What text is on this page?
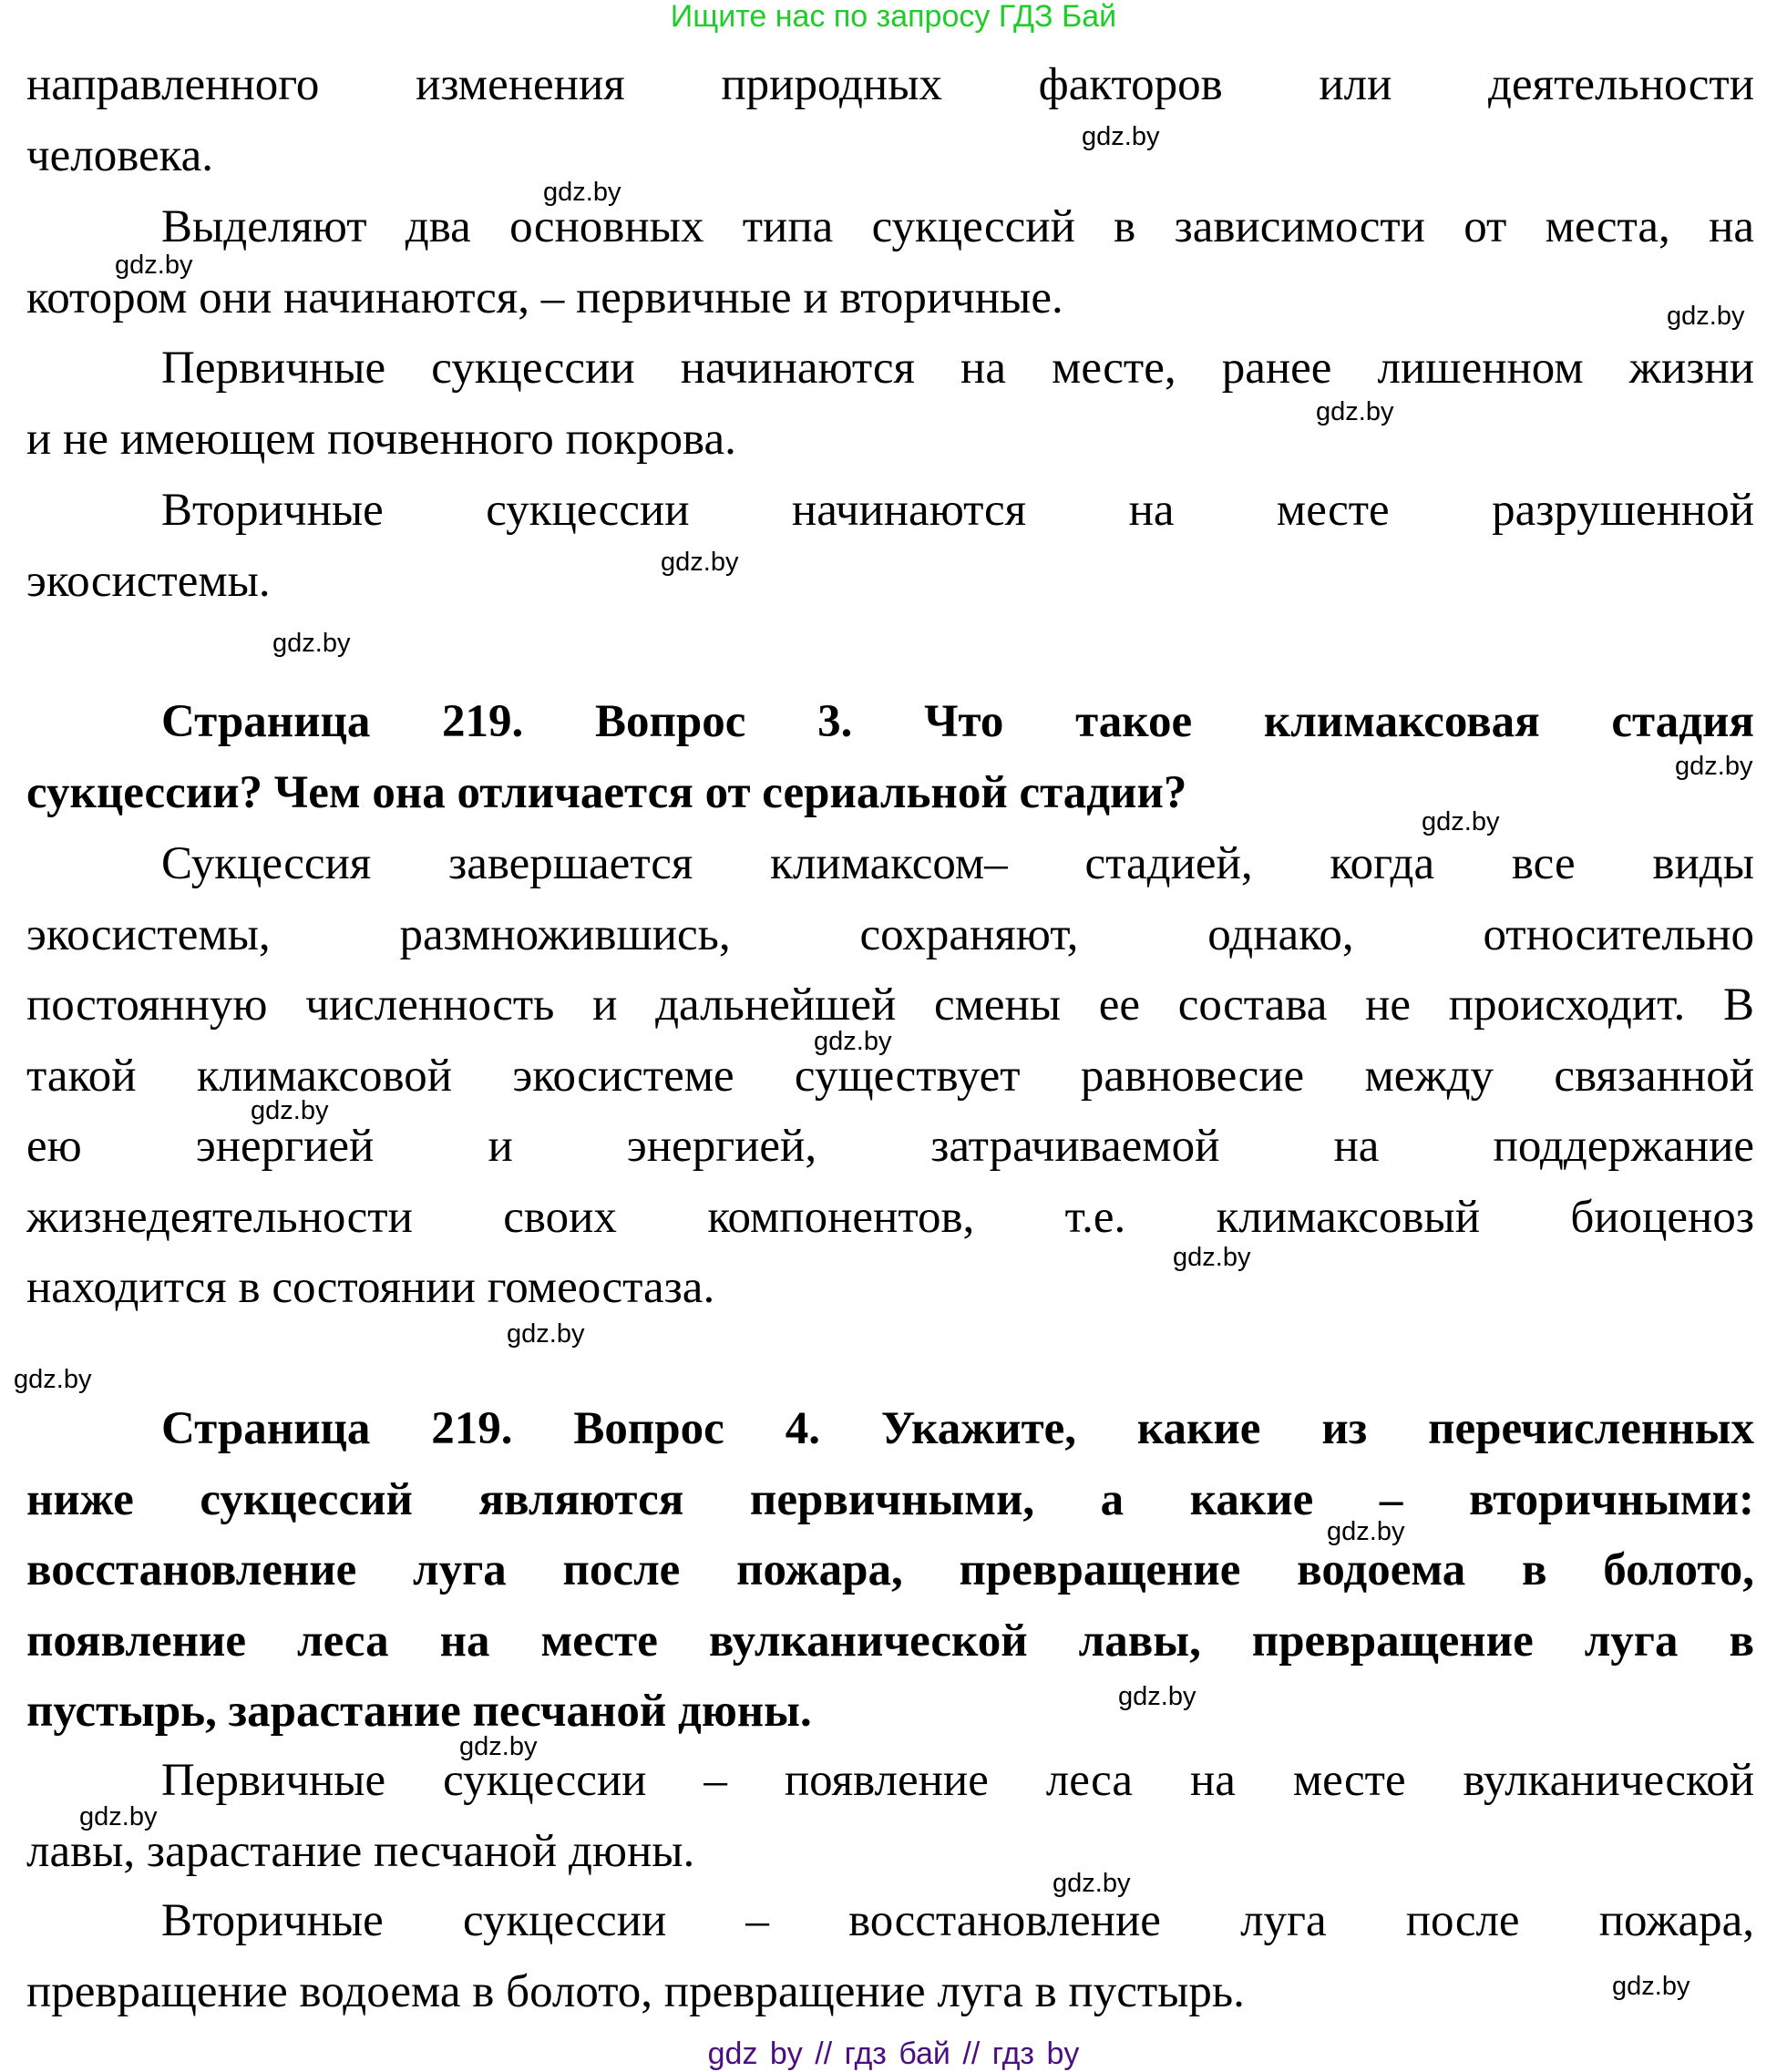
Ищите нас по запросу ГДЗ Бай
направленного изменения природных факторов или деятельности
человека.
Выделяют два основных типа сукцессий в зависимости от места, на
котором они начинаются, – первичные и вторичные.
Первичные сукцессии начинаются на месте, ранее лишенном жизни
и не имеющем почвенного покрова.
Вторичные сукцессии начинаются на месте разрушенной
экосистемы.
Страница 219. Вопрос 3. Что такое климаксовая стадия
сукцессии? Чем она отличается от сериальной стадии?
Сукцессия завершается климаксом– стадией, когда все виды
экосистемы, размножившись, сохраняют, однако, относительно
постоянную численность и дальнейшей смены ее состава не происходит. В
такой климаксовой экосистеме существует равновесие между связанной
ею энергией и энергией, затрачиваемой на поддержание
жизнедеятельности своих компонентов, т.е. климаксовый биоценоз
находится в состоянии гомеостаза.
Страница 219. Вопрос 4. Укажите, какие из перечисленных
ниже сукцессий являются первичными, а какие – вторичными:
восстановление луга после пожара, превращение водоема в болото,
появление леса на месте вулканической лавы, превращение луга в
пустырь, зарастание песчаной дюны.
Первичные сукцессии – появление леса на месте вулканической
лавы, зарастание песчаной дюны.
Вторичные сукцессии – восстановление луга после пожара,
превращение водоема в болото, превращение луга в пустырь.
gdz.by
gdz.by
gdz.by
gdz.by
gdz.by
gdz.by
gdz.by
gdz.by
gdz.by
gdz.by
gdz.by
gdz.by
gdz.by
gdz.by
gdz.by
gdz.by
gdz.by
gdz.by
gdz.by
gdz.by
gdz by // гдз бай // гдз by
